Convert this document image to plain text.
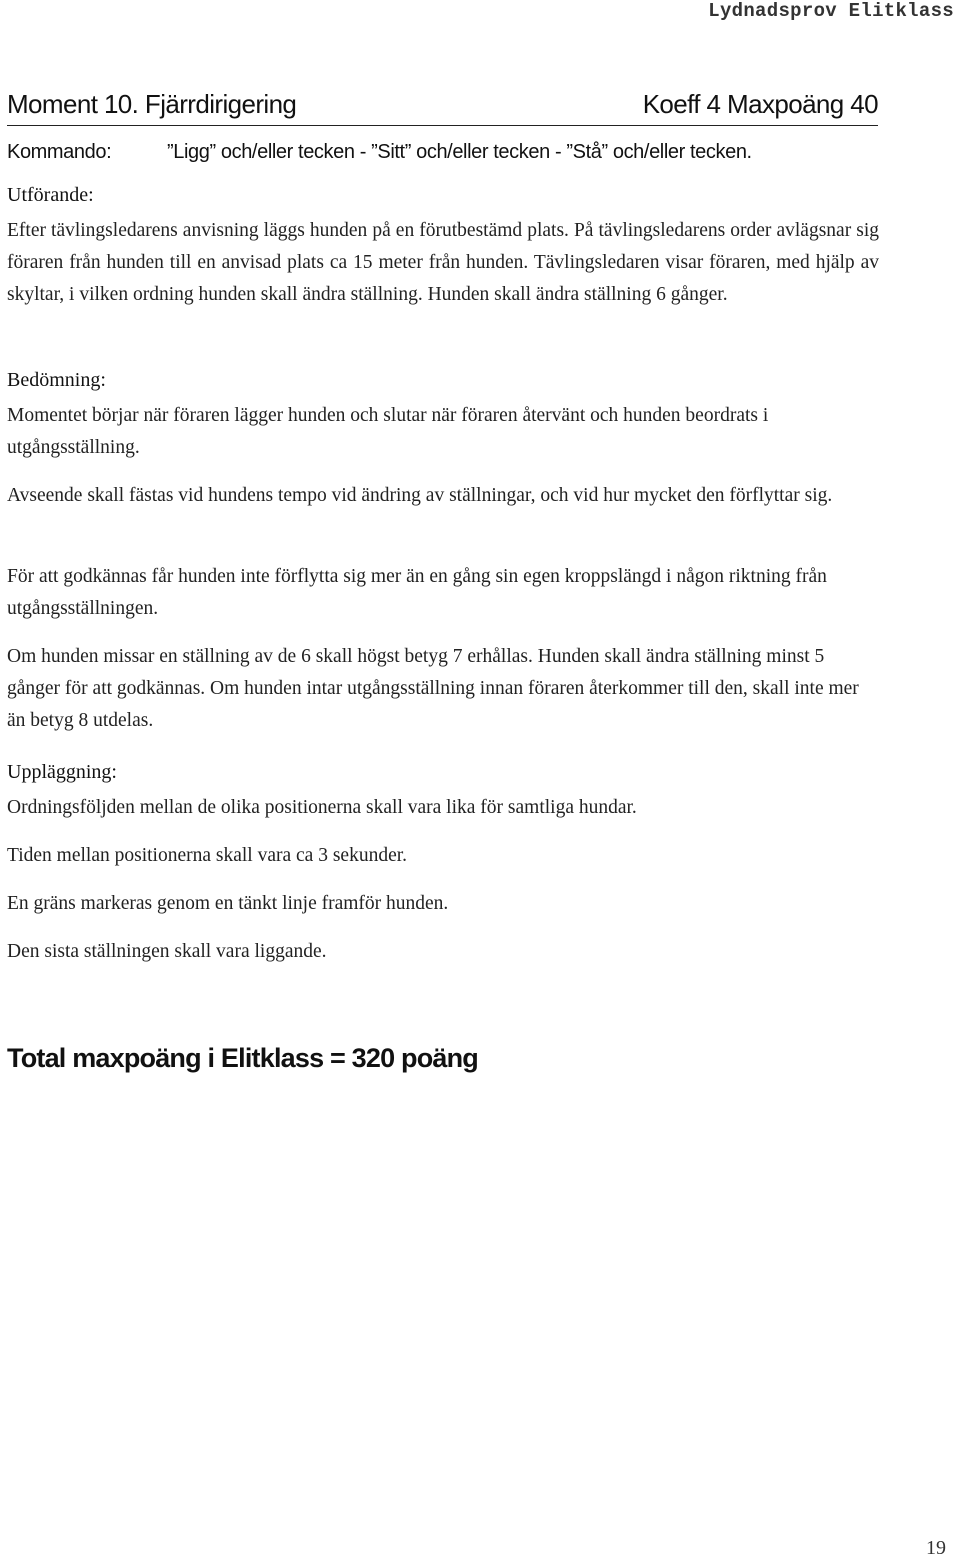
Lydnadsprov Elitklass
Moment 10. Fjärrdirigering	Koeff 4 Maxpoäng 40
Kommando:	”Ligg” och/eller tecken - ”Sitt” och/eller tecken - ”Stå” och/eller tecken.
Utförande:
Efter tävlingsledarens anvisning läggs hunden på en förutbestämd plats. På tävlingsledarens order avlägsnar sig föraren från hunden till en anvisad plats ca 15 meter från hunden. Tävlingsledaren visar föraren, med hjälp av skyltar, i vilken ordning hunden skall ändra ställning. Hunden skall ändra ställning 6 gånger.
Bedömning:
Momentet börjar när föraren lägger hunden och slutar när föraren återvänt och hunden beordrats i utgångsställning.
Avseende skall fästas vid hundens tempo vid ändring av ställningar, och vid hur mycket den förflyttar sig.
För att godkännas får hunden inte förflytta sig mer än en gång sin egen kroppslängd i någon riktning från utgångsställningen.
Om hunden missar en ställning av de 6 skall högst betyg 7 erhållas. Hunden skall ändra ställning minst 5 gånger för att godkännas. Om hunden intar utgångsställning innan föraren återkommer till den, skall inte mer än betyg 8 utdelas.
Uppläggning:
Ordningsföljden mellan de olika positionerna skall vara lika för samtliga hundar.
Tiden mellan positionerna skall vara ca 3 sekunder.
En gräns markeras genom en tänkt linje framför hunden.
Den sista ställningen skall vara liggande.
Total maxpoäng i Elitklass = 320 poäng
19
